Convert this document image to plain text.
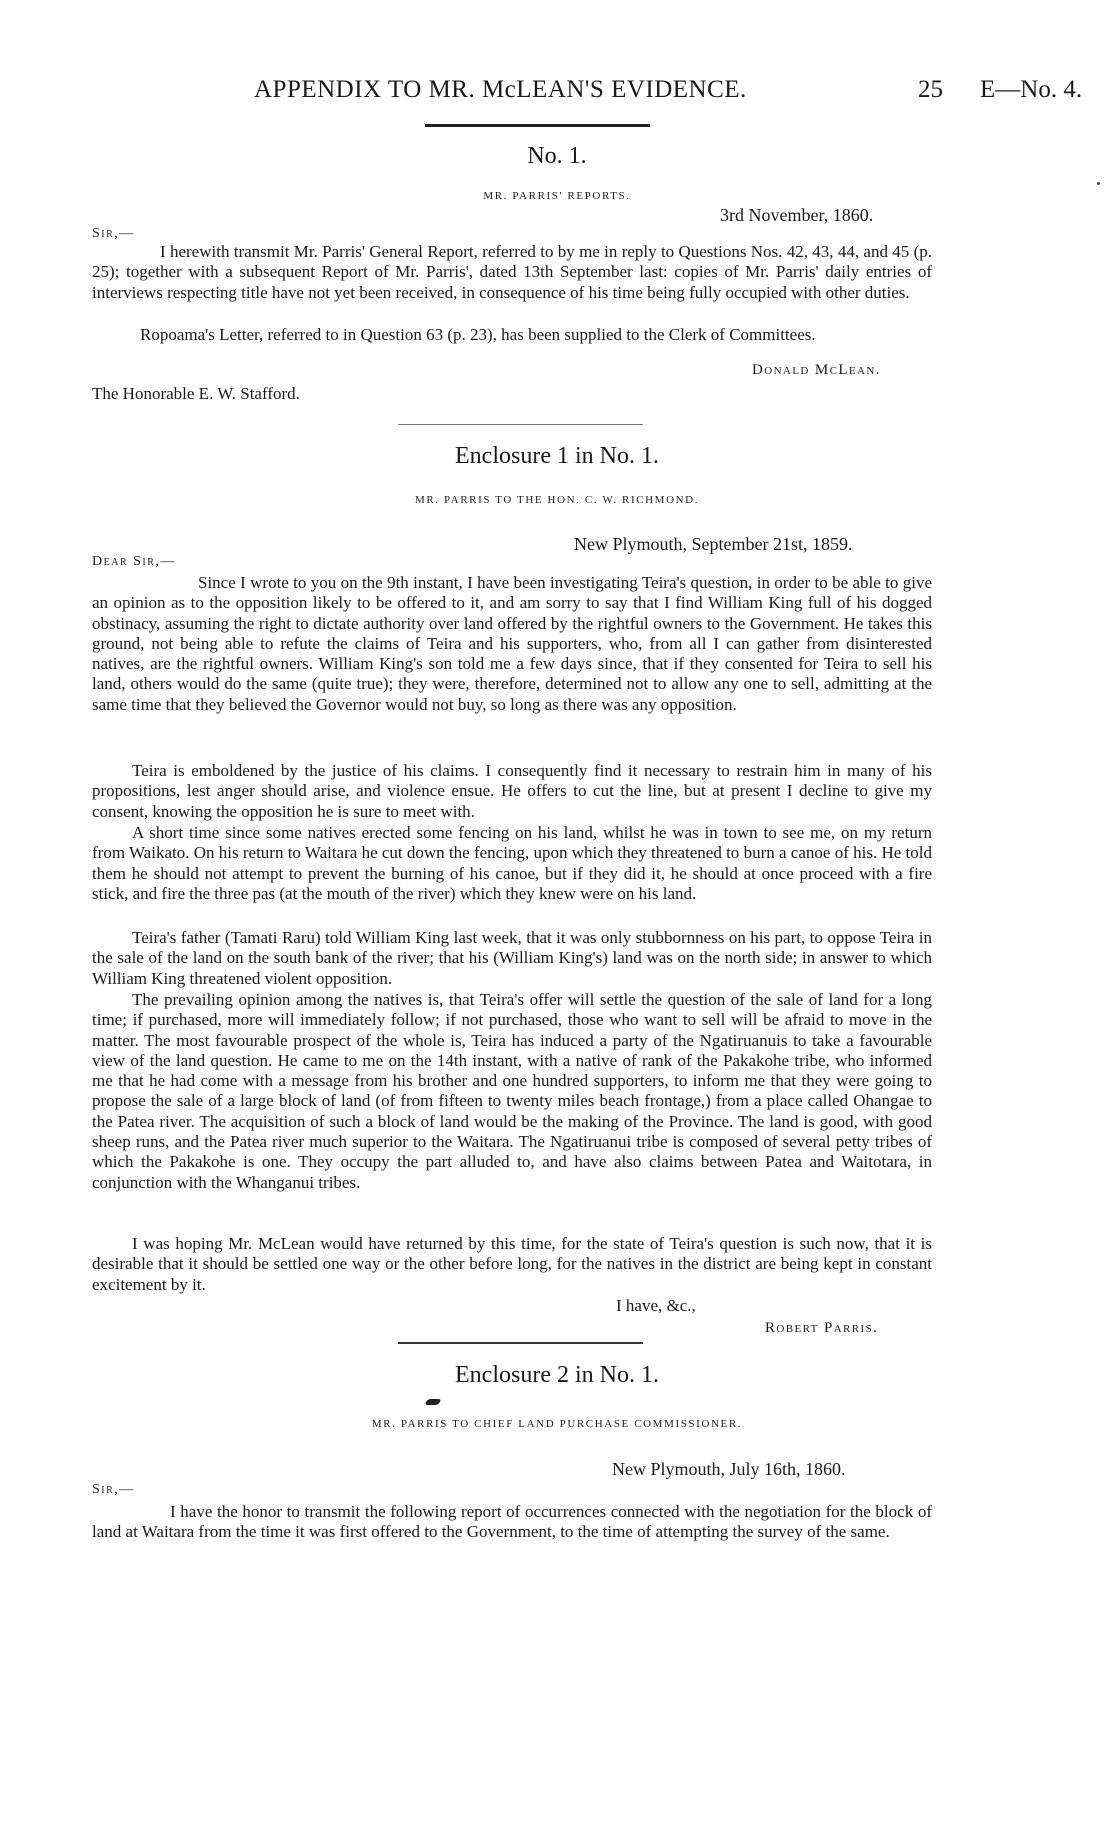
APPENDIX TO MR. McLEAN'S EVIDENCE.	25 E—No. 4.
No. 1.
MR. PARRIS' REPORTS.
3rd November, 1860.
Sir,—

I herewith transmit Mr. Parris' General Report, referred to by me in reply to Questions Nos. 42, 43, 44, and 45 (p. 25); together with a subsequent Report of Mr. Parris', dated 13th September last: copies of Mr. Parris' daily entries of interviews respecting title have not yet been received, in consequence of his time being fully occupied with other duties.

Ropoama's Letter, referred to in Question 63 (p. 23), has been supplied to the Clerk of Committees.

Donald McLean.
The Honorable E. W. Stafford.
Enclosure 1 in No. 1.
MR. PARRIS TO THE HON. C. W. RICHMOND.
New Plymouth, September 21st, 1859.
Dear Sir,—

Since I wrote to you on the 9th instant, I have been investigating Teira's question, in order to be able to give an opinion as to the opposition likely to be offered to it, and am sorry to say that I find William King full of his dogged obstinacy, assuming the right to dictate authority over land offered by the rightful owners to the Government. He takes this ground, not being able to refute the claims of Teira and his supporters, who, from all I can gather from disinterested natives, are the rightful owners. William King's son told me a few days since, that if they consented for Teira to sell his land, others would do the same (quite true); they were, therefore, determined not to allow any one to sell, admitting at the same time that they believed the Governor would not buy, so long as there was any opposition.

Teira is emboldened by the justice of his claims. I consequently find it necessary to restrain him in many of his propositions, lest anger should arise, and violence ensue. He offers to cut the line, but at present I decline to give my consent, knowing the opposition he is sure to meet with.

A short time since some natives erected some fencing on his land, whilst he was in town to see me, on my return from Waikato. On his return to Waitara he cut down the fencing, upon which they threatened to burn a canoe of his. He told them he should not attempt to prevent the burning of his canoe, but if they did it, he should at once proceed with a fire stick, and fire the three pas (at the mouth of the river) which they knew were on his land.

Teira's father (Tamati Raru) told William King last week, that it was only stubbornness on his part, to oppose Teira in the sale of the land on the south bank of the river; that his (William King's) land was on the north side; in answer to which William King threatened violent opposition.

The prevailing opinion among the natives is, that Teira's offer will settle the question of the sale of land for a long time; if purchased, more will immediately follow; if not purchased, those who want to sell will be afraid to move in the matter. The most favourable prospect of the whole is, Teira has induced a party of the Ngatiruanuis to take a favourable view of the land question. He came to me on the 14th instant, with a native of rank of the Pakakohe tribe, who informed me that he had come with a message from his brother and one hundred supporters, to inform me that they were going to propose the sale of a large block of land (of from fifteen to twenty miles beach frontage,) from a place called Ohangae to the Patea river. The acquisition of such a block of land would be the making of the Province. The land is good, with good sheep runs, and the Patea river much superior to the Waitara. The Ngatiruanui tribe is composed of several petty tribes of which the Pakakohe is one. They occupy the part alluded to, and have also claims between Patea and Waitotara, in conjunction with the Whanganui tribes.

I was hoping Mr. McLean would have returned by this time, for the state of Teira's question is such now, that it is desirable that it should be settled one way or the other before long, for the natives in the district are being kept in constant excitement by it.

I have, &c.,
Robert Parris.
Enclosure 2 in No. 1.
MR. PARRIS TO CHIEF LAND PURCHASE COMMISSIONER.
New Plymouth, July 16th, 1860.
Sir,—

I have the honor to transmit the following report of occurrences connected with the negotiation for the block of land at Waitara from the time it was first offered to the Government, to the time of attempting the survey of the same.
